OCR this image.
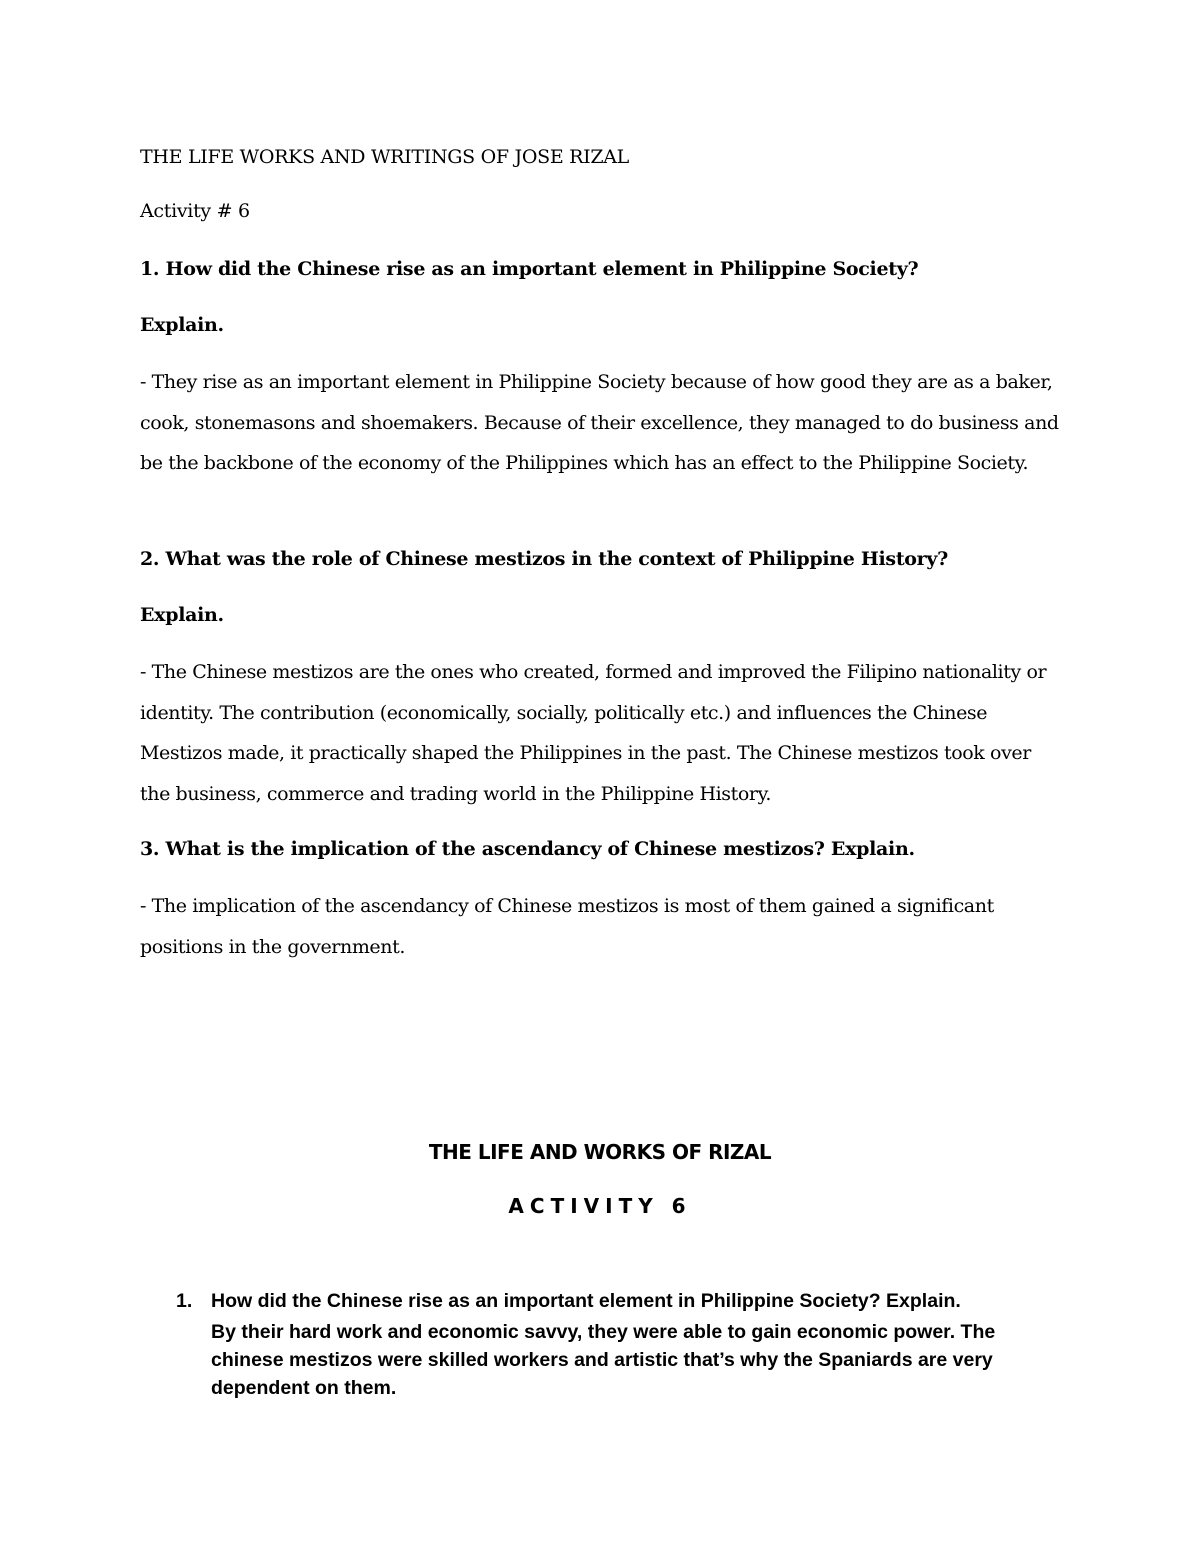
THE LIFE WORKS AND WRITINGS OF JOSE RIZAL
Activity # 6
1. How did the Chinese rise as an important element in Philippine Society?
Explain.
- They rise as an important element in Philippine Society because of how good they are as a baker, cook, stonemasons and shoemakers. Because of their excellence, they managed to do business and be the backbone of the economy of the Philippines which has an effect to the Philippine Society.
2. What was the role of Chinese mestizos in the context of Philippine History?
Explain.
- The Chinese mestizos are the ones who created, formed and improved the Filipino nationality or identity. The contribution (economically, socially, politically etc.) and influences the Chinese Mestizos made, it practically shaped the Philippines in the past. The Chinese mestizos took over the business, commerce and trading world in the Philippine History.
3. What is the implication of the ascendancy of Chinese mestizos? Explain.
- The implication of the ascendancy of Chinese mestizos is most of them gained a significant positions in the government.
THE LIFE AND WORKS OF RIZAL
ACTIVITY 6
1. How did the Chinese rise as an important element in Philippine Society? Explain.
By their hard work and economic savvy, they were able to gain economic power. The chinese mestizos were skilled workers and artistic that’s why the Spaniards are very dependent on them.
